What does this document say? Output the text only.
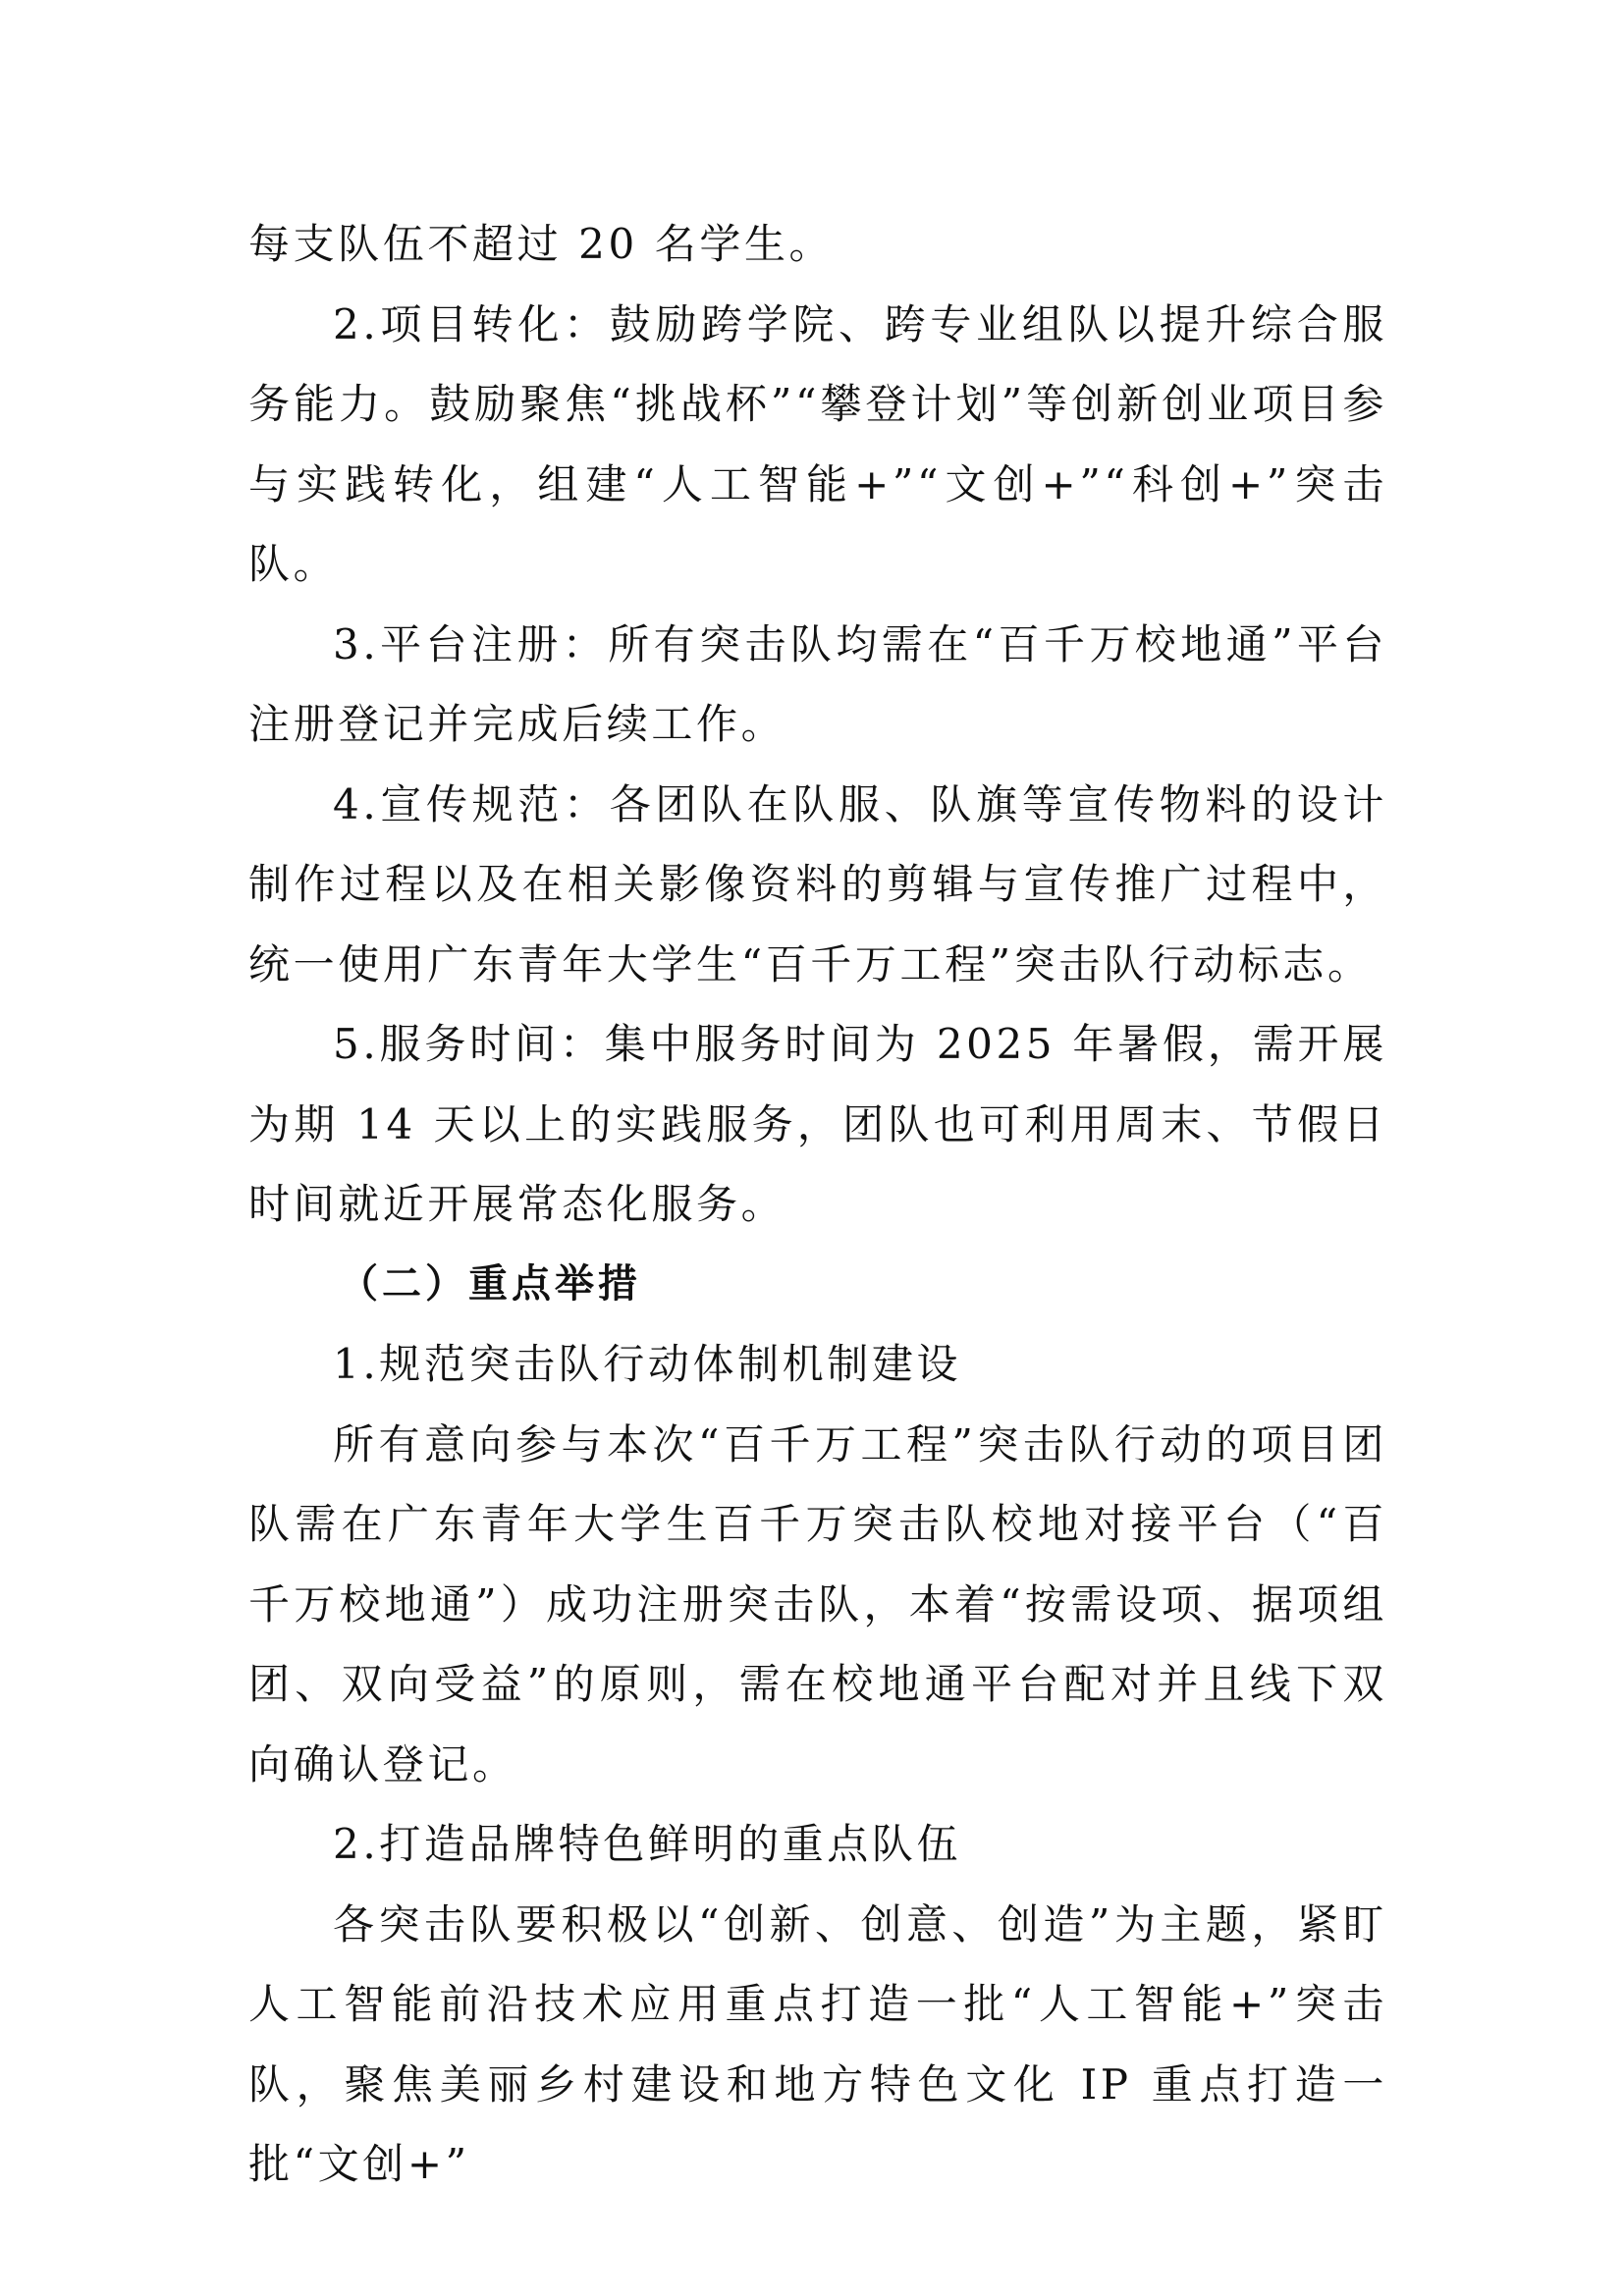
每支队伍不超过 20 名学生。

2.项目转化：鼓励跨学院、跨专业组队以提升综合服务能力。鼓励聚焦“挑战杯”“攀登计划”等创新创业项目参与实践转化，组建“人工智能+”“文创+”“科创+”突击队。

3.平台注册：所有突击队均需在“百千万校地通”平台注册登记并完成后续工作。

4.宣传规范：各团队在队服、队旗等宣传物料的设计制作过程以及在相关影像资料的剪辑与宣传推广过程中，统一使用广东青年大学生“百千万工程”突击队行动标志。

5.服务时间：集中服务时间为 2025 年暑假，需开展为期 14 天以上的实践服务，团队也可利用周末、节假日时间就近开展常态化服务。

（二）重点举措

1.规范突击队行动体制机制建设

所有意向参与本次“百千万工程”突击队行动的项目团队需在广东青年大学生百千万突击队校地对接平台（“百千万校地通”）成功注册突击队，本着“按需设项、据项组团、双向受益”的原则，需在校地通平台配对并且线下双向确认登记。

2.打造品牌特色鲜明的重点队伍

各突击队要积极以“创新、创意、创造”为主题，紧盯人工智能前沿技术应用重点打造一批“人工智能+”突击队，聚焦美丽乡村建设和地方特色文化 IP 重点打造一批“文创+”
